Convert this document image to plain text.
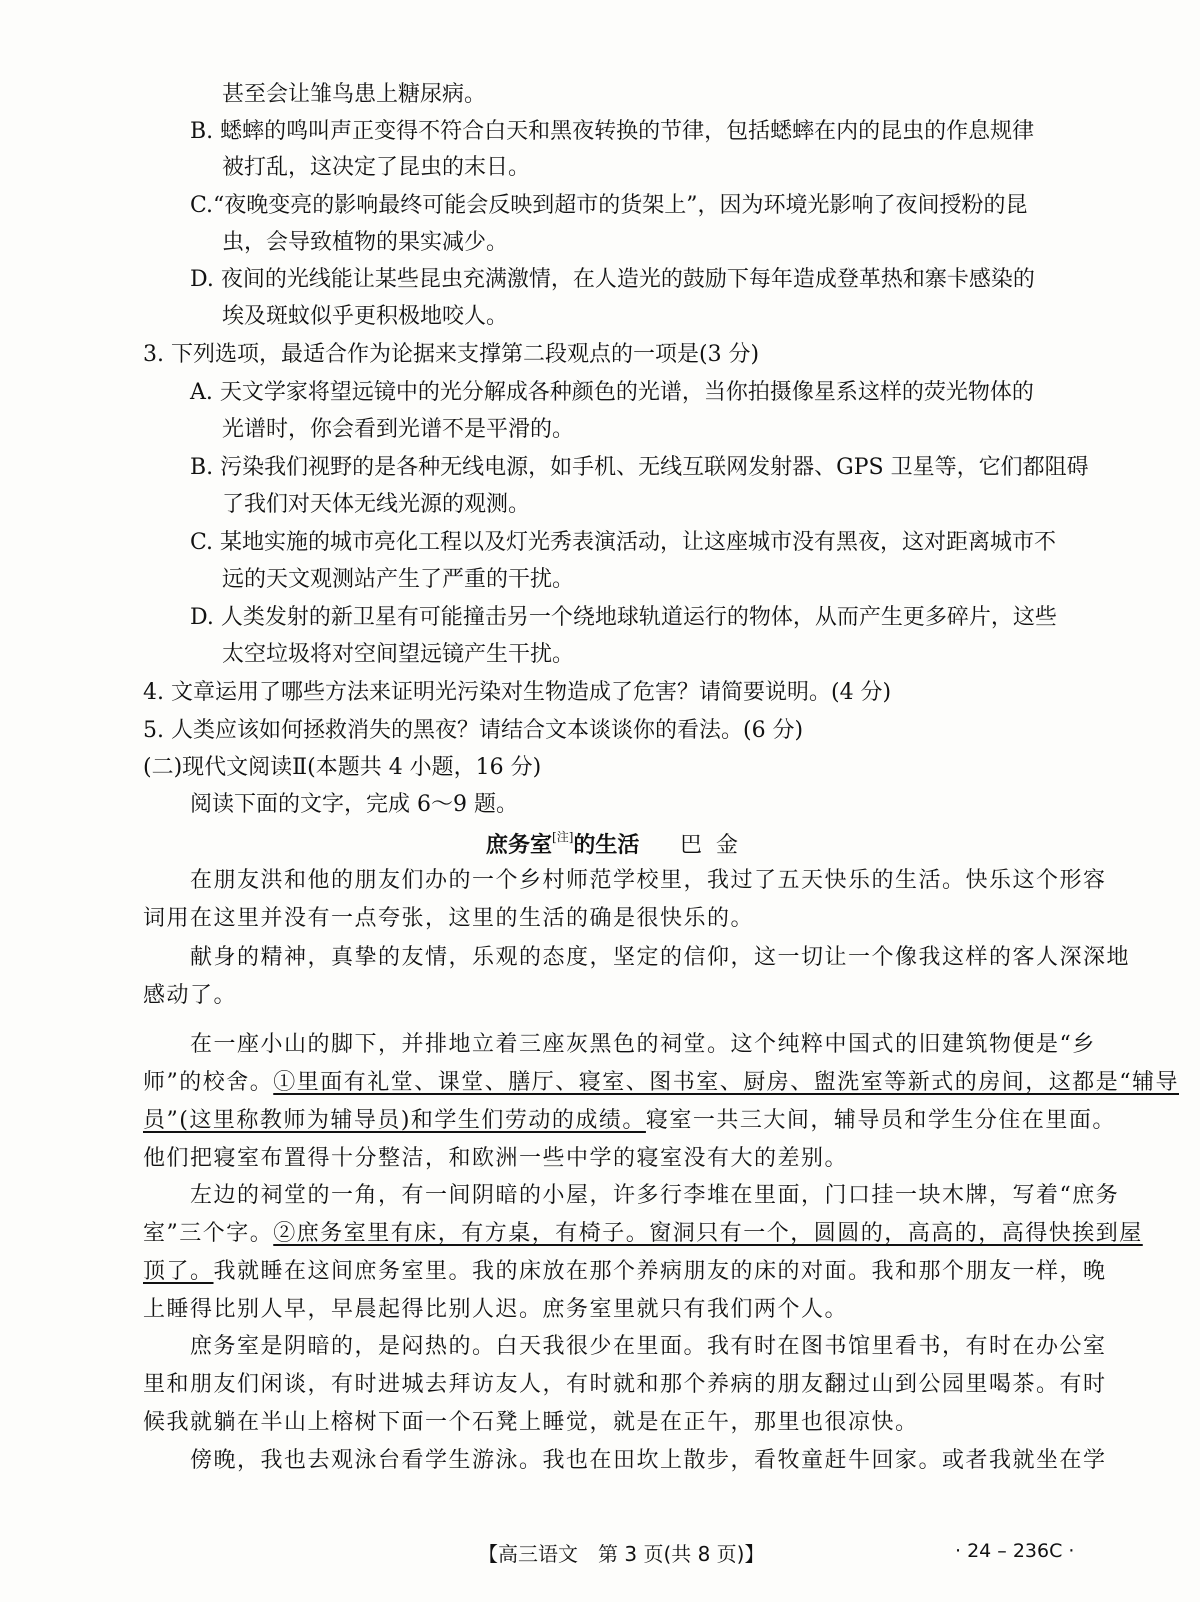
甚至会让雏鸟患上糖尿病。
B. 蟋蟀的鸣叫声正变得不符合白天和黑夜转换的节律，包括蟋蟀在内的昆虫的作息规律
被打乱，这决定了昆虫的末日。
C.“夜晚变亮的影响最终可能会反映到超市的货架上”，因为环境光影响了夜间授粉的昆
虫，会导致植物的果实减少。
D. 夜间的光线能让某些昆虫充满激情，在人造光的鼓励下每年造成登革热和寨卡感染的
埃及斑蚊似乎更积极地咬人。
3. 下列选项，最适合作为论据来支撑第二段观点的一项是(3 分)
A. 天文学家将望远镜中的光分解成各种颜色的光谱，当你拍摄像星系这样的荧光物体的
光谱时，你会看到光谱不是平滑的。
B. 污染我们视野的是各种无线电源，如手机、无线互联网发射器、GPS 卫星等，它们都阻碍
了我们对天体无线光源的观测。
C. 某地实施的城市亮化工程以及灯光秀表演活动，让这座城市没有黑夜，这对距离城市不
远的天文观测站产生了严重的干扰。
D. 人类发射的新卫星有可能撞击另一个绕地球轨道运行的物体，从而产生更多碎片，这些
太空垃圾将对空间望远镜产生干扰。
4. 文章运用了哪些方法来证明光污染对生物造成了危害？请简要说明。(4 分)
5. 人类应该如何拯救消失的黑夜？请结合文本谈谈你的看法。(6 分)
(二)现代文阅读Ⅱ(本题共 4 小题，16 分)
阅读下面的文字，完成 6～9 题。
庶务室[注]的生活 巴金
在朋友洪和他的朋友们办的一个乡村师范学校里，我过了五天快乐的生活。快乐这个形容
词用在这里并没有一点夸张，这里的生活的确是很快乐的。
献身的精神，真挚的友情，乐观的态度，坚定的信仰，这一切让一个像我这样的客人深深地
感动了。
在一座小山的脚下，并排地立着三座灰黑色的祠堂。这个纯粹中国式的旧建筑物便是“乡
师”的校舍。①里面有礼堂、课堂、膳厅、寝室、图书室、厨房、盥洗室等新式的房间，这都是“辅导
员”(这里称教师为辅导员)和学生们劳动的成绩。寝室一共三大间，辅导员和学生分住在里面。
他们把寝室布置得十分整洁，和欧洲一些中学的寝室没有大的差别。
左边的祠堂的一角，有一间阴暗的小屋，许多行李堆在里面，门口挂一块木牌，写着“庶务
室”三个字。②庶务室里有床，有方桌，有椅子。窗洞只有一个，圆圆的，高高的，高得快挨到屋
顶了。我就睡在这间庶务室里。我的床放在那个养病朋友的床的对面。我和那个朋友一样，晚
上睡得比别人早，早晨起得比别人迟。庶务室里就只有我们两个人。
庶务室是阴暗的，是闷热的。白天我很少在里面。我有时在图书馆里看书，有时在办公室
里和朋友们闲谈，有时进城去拜访友人，有时就和那个养病的朋友翻过山到公园里喝茶。有时
候我就躺在半山上榕树下面一个石凳上睡觉，就是在正午，那里也很凉快。
傍晚，我也去观泳台看学生游泳。我也在田坎上散步，看牧童赶牛回家。或者我就坐在学
【高三语文　第 3 页(共 8 页)】	· 24 – 236C ·
